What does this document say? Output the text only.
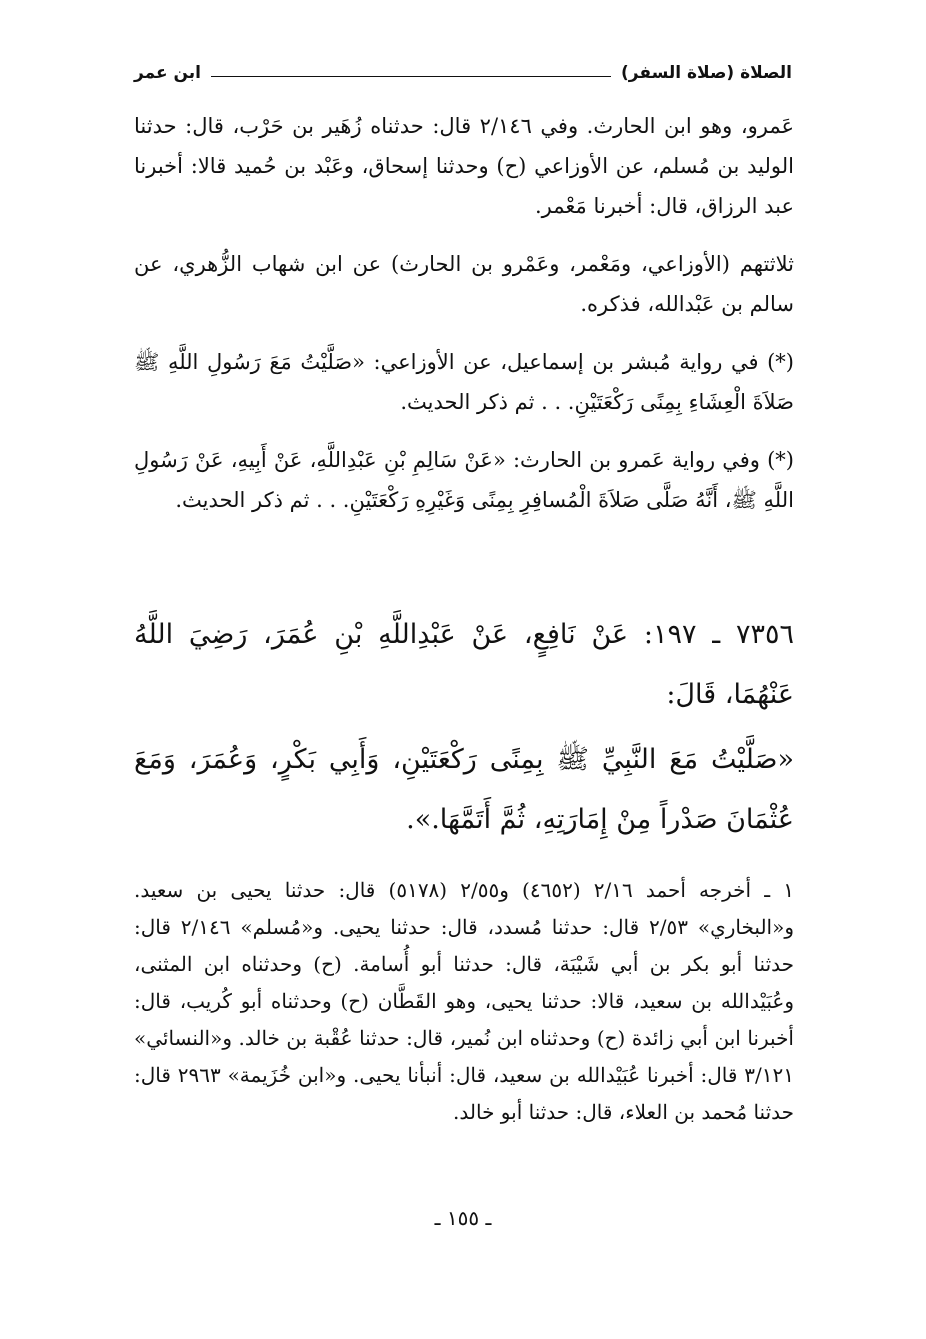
الصلاة (صلاة السفر)
ابن عمر
عَمرو، وهو ابن الحارث. وفي ٢/١٤٦ قال: حدثناه زُهَير بن حَرْب، قال: حدثنا الوليد بن مُسلم، عن الأوزاعي (ح) وحدثنا إسحاق، وعَبْد بن حُميد قالا: أخبرنا عبد الرزاق، قال: أخبرنا مَعْمر.
ثلاثتهم (الأوزاعي، ومَعْمر، وعَمْرو بن الحارث) عن ابن شهاب الزُّهري، عن سالم بن عَبْدالله، فذكره.
(*) في رواية مُبشر بن إسماعيل، عن الأوزاعي: «صَلَّيْتُ مَعَ رَسُولِ اللَّهِ ﷺ صَلاَةَ الْعِشَاءِ بِمِنًى رَكْعَتَيْنِ. . . ثم ذكر الحديث.
(*) وفي رواية عَمرو بن الحارث: «عَنْ سَالِمِ بْنِ عَبْدِاللَّهِ، عَنْ أَبِيهِ، عَنْ رَسُولِ اللَّهِ ﷺ، أَنَّهُ صَلَّى صَلاَةَ الْمُسافِرِ بِمِنًى وَغَيْرِهِ رَكْعَتَيْنِ. . . ثم ذكر الحديث.
٧٣٥٦ ـ ١٩٧: عَنْ نَافِعٍ، عَنْ عَبْدِاللَّهِ بْنِ عُمَرَ، رَضِيَ اللَّهُ عَنْهُمَا، قَالَ:
«صَلَّيْتُ مَعَ النَّبِيِّ ﷺ بِمِنًى رَكْعَتَيْنِ، وَأَبِي بَكْرٍ، وَعُمَرَ، وَمَعَ عُثْمَانَ صَدْراً مِنْ إِمَارَتِهِ، ثُمَّ أَتَمَّهَا.».
١ ـ أخرجه أحمد ٢/١٦ (٤٦٥٢) و٢/٥٥ (٥١٧٨) قال: حدثنا يحيى بن سعيد. و«البخاري» ٢/٥٣ قال: حدثنا مُسدد، قال: حدثنا يحيى. و«مُسلم» ٢/١٤٦ قال: حدثنا أبو بكر بن أبي شَيْبَة، قال: حدثنا أبو أُسامة. (ح) وحدثناه ابن المثنى، وعُبَيْدالله بن سعيد، قالا: حدثنا يحيى، وهو القَطَّان (ح) وحدثناه أبو كُريب، قال: أخبرنا ابن أبي زائدة (ح) وحدثناه ابن نُمير، قال: حدثنا عُقْبة بن خالد. و«النسائي» ٣/١٢١ قال: أخبرنا عُبَيْدالله بن سعيد، قال: أنبأنا يحيى. و«ابن خُزَيمة» ٢٩٦٣ قال: حدثنا مُحمد بن العلاء، قال: حدثنا أبو خالد.
ـ ١٥٥ ـ
